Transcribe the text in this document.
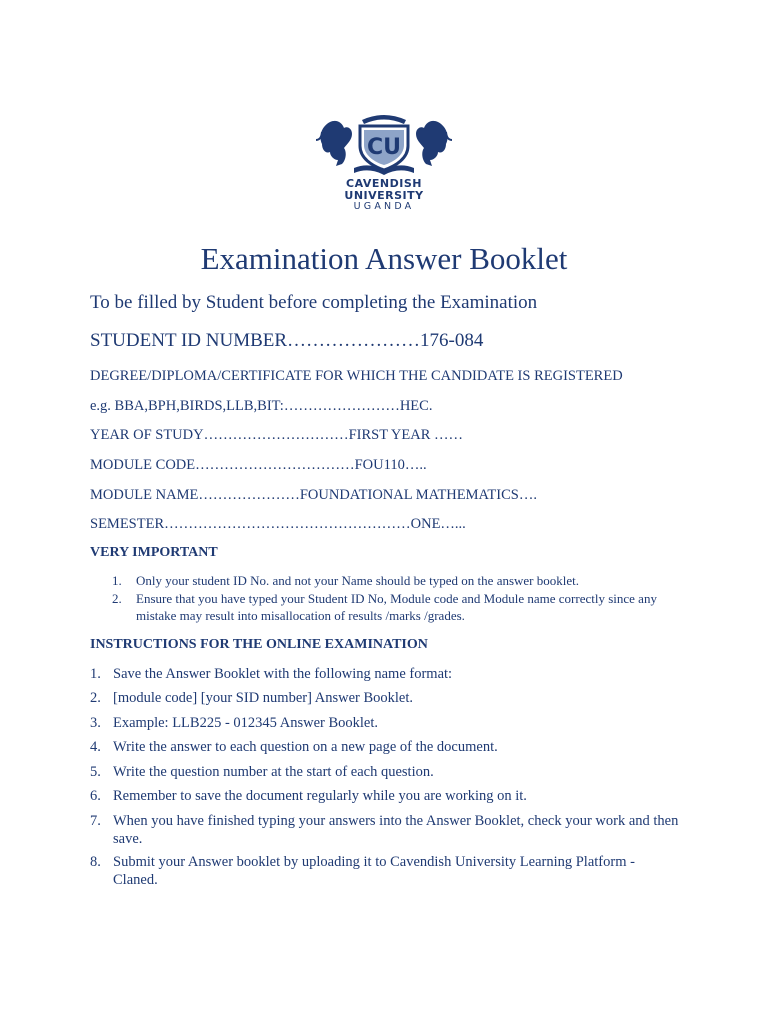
CU
CAVENDISH
UNIVERSITY
UGANDA
Examination Answer Booklet
To be filled by Student before completing the Examination
STUDENT ID NUMBER…………………176-084
DEGREE/DIPLOMA/CERTIFICATE FOR WHICH THE CANDIDATE IS REGISTERED
e.g. BBA,BPH,BIRDS,LLB,BIT:……………………HEC.
YEAR OF STUDY…………………………FIRST YEAR ……
MODULE CODE……………………………FOU110…..
MODULE NAME…………………FOUNDATIONAL MATHEMATICS….
SEMESTER……………………………………………ONE…...
VERY IMPORTANT
1. Only your student ID No. and not your Name should be typed on the answer booklet.
2. Ensure that you have typed your Student ID No, Module code and Module name correctly since any mistake may result into misallocation of results /marks /grades.
INSTRUCTIONS FOR THE ONLINE EXAMINATION
1. Save the Answer Booklet with the following name format:
2. [module code] [your SID number] Answer Booklet.
3. Example: LLB225 - 012345 Answer Booklet.
4. Write the answer to each question on a new page of the document.
5. Write the question number at the start of each question.
6. Remember to save the document regularly while you are working on it.
7. When you have finished typing your answers into the Answer Booklet, check your work and then save.
8. Submit your Answer booklet by uploading it to Cavendish University Learning Platform - Claned.
